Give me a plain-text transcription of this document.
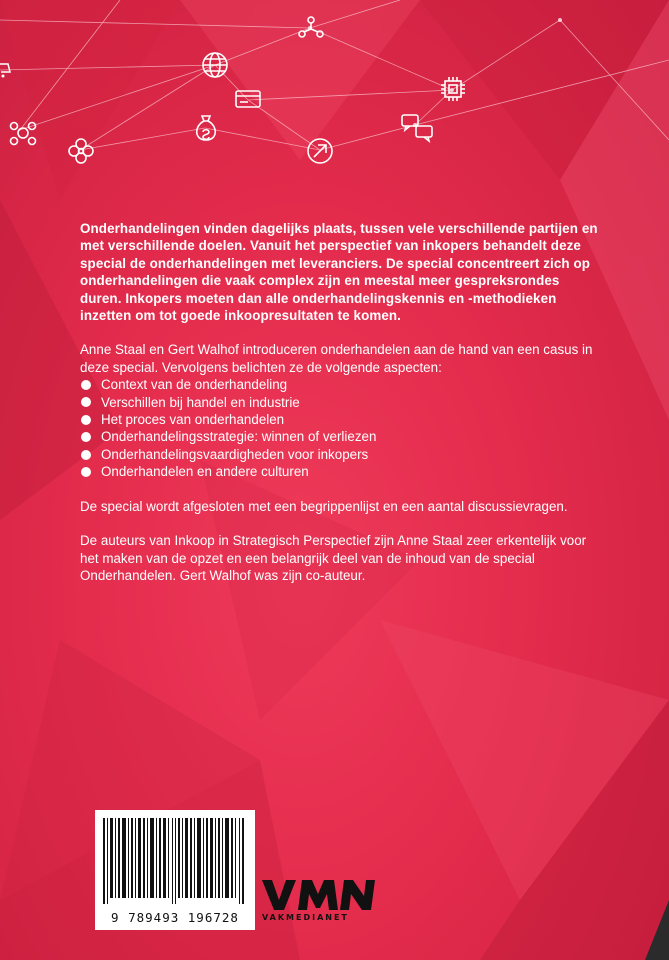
Onderhandelingen vinden dagelijks plaats, tussen vele verschillende partijen en met verschillende doelen. Vanuit het perspectief van inkopers behandelt deze special de onderhandelingen met leveranciers. De special concentreert zich op onderhandelingen die vaak complex zijn en meestal meer gespreksrondes duren. Inkopers moeten dan alle onderhandelingskennis en -methodieken inzetten om tot goede inkoopresultaten te komen.

Anne Staal en Gert Walhof introduceren onderhandelen aan de hand van een casus in deze special. Vervolgens belichten ze de volgende aspecten:

Context van de onderhandeling
Verschillen bij handel en industrie
Het proces van onderhandelen
Onderhandelingsstrategie: winnen of verliezen
Onderhandelingsvaardigheden voor inkopers
Onderhandelen en andere culturen

De special wordt afgesloten met een begrippenlijst en een aantal discussievragen.

De auteurs van Inkoop in Strategisch Perspectief zijn Anne Staal zeer erkentelijk voor het maken van de opzet en een belangrijk deel van de inhoud van de special Onderhandelen. Gert Walhof was zijn co-auteur.

9 789493 196728	VAKMEDIANET
